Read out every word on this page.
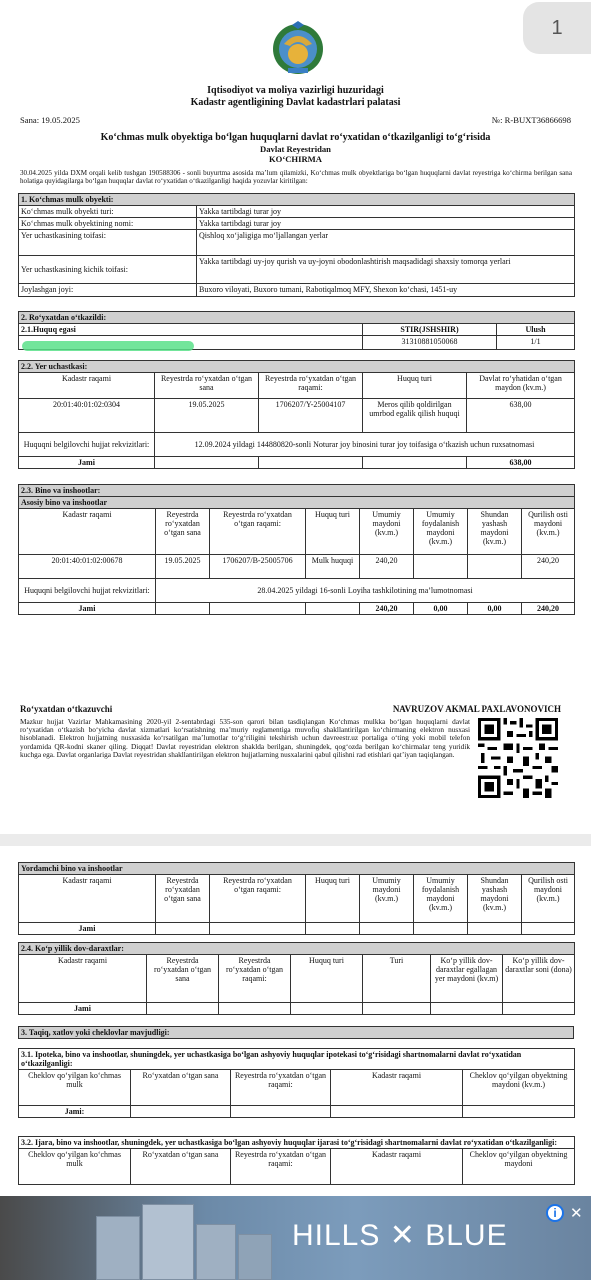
Iqtisodiyot va moliya vazirligi huzuridagi
Kadastr agentligining Davlat kadastrlari palatasi
Sana: 19.05.2025	№: R-BUXT36866698
Ko‘chmas mulk obyektiga bo‘lgan huquqlarni davlat ro‘yxatidan o‘tkazilganligi to‘g‘risida
Davlat Reyestridan
KO‘CHIRMA
30.04.2025 yilda DXM orqali kelib tushgan 190588306 - sonli buyurtma asosida ma’lum qilamizki, Ko‘chmas mulk obyektlariga bo‘lgan huquqlarni davlat reyestriga ko‘chirma berilgan sana holatiga quyidagilarga bo‘lgan huquqlar davlat ro‘yxatidan o‘tkazilganligi haqida yozuvlar kiritilgan:
1. Ko‘chmas mulk obyekti:	
Ko‘chmas mulk obyekti turi:	Yakka tartibdagi turar joy
Ko‘chmas mulk obyektining nomi:	Yakka tartibdagi turar joy
Yer uchastkasining toifasi:	Qishloq xo‘jaligiga mo‘ljallangan yerlar
Yer uchastkasining kichik toifasi:	Yakka tartibdagi uy-joy qurish va uy-joyni obodonlashtirish maqsadidagi shaxsiy tomorqa yerlari
Joylashgan joyi:	Buxoro viloyati, Buxoro tumani, Rabotiqalmoq MFY, Shexon ko‘chasi, 1451-uy
2. Ro‘yxatdan o‘tkazildi:		
2.1.Huquq egasi	STIR(JSHSHIR)	Ulush
	31310881050068	1/1
2.2. Yer uchastkasi:				
Kadastr raqami	Reyestrda ro‘yxatdan o‘tgan sana	Reyestrda ro‘yxatdan o‘tgan raqami:	Huquq turi	Davlat ro‘yhatidan o‘tgan maydon (kv.m.)
20:01:40:01:02:0304	19.05.2025	1706207/Y-25004107	Meros qilib qoldirilgan umrbod egalik qilish huquqi	638,00
Huquqni belgilovchi hujjat rekvizitlari:	12.09.2024 yildagi 144880820-sonli Noturar joy binosini turar joy toifasiga o‘tkazish uchun ruxsatnomasi			
Jami				638,00
2.3. Bino va inshootlar:							
Asosiy bino va inshootlar							
Kadastr raqami	Reyestrda ro‘yxatdan o‘tgan sana	Reyestrda ro‘yxatdan o‘tgan raqami:	Huquq turi	Umumiy maydoni (kv.m.)	Umumiy foydalanish maydoni (kv.m.)	Shundan yashash maydoni (kv.m.)	Qurilish osti maydoni (kv.m.)
20:01:40:01:02:00678	19.05.2025	1706207/B-25005706	Mulk huquqi	240,20			240,20
Huquqni belgilovchi hujjat rekvizitlari:	28.04.2025 yildagi 16-sonli Loyiha tashkilotining ma’lumotnomasi						
Jami				240,20	0,00	0,00	240,20
Ro‘yxatdan o‘tkazuvchi	NAVRUZOV AKMAL PAXLAVONOVICH
Mazkur hujjat Vazirlar Mahkamasining 2020-yil 2-sentabrdagi 535-son qarori bilan tasdiqlangan Ko‘chmas mulkka bo‘lgan huquqlarni davlat ro‘yxatidan o‘tkazish bo‘yicha davlat xizmatlari ko‘rsatishning ma’muriy reglamentiga muvofiq shakllantirilgan ko‘chirmaning elektron nusxasi hisoblanadi. Elektron hujjatning nusxasida ko‘rsatilgan ma’lumotlar to‘g‘riligini tekshirish uchun davreestr.uz portaliga o‘ting yoki mobil telefon yordamida QR-kodni skaner qiling. Diqqat! Davlat reyestridan elektron shaklda berilgan, shuningdek, qog‘ozda berilgan ko‘chirmalar teng yuridik kuchga ega. Davlat organlariga Davlat reyestridan shakllantirilgan elektron hujjatlarning nusxalarini qabul qilishni rad etishlari qat’iyan taqiqlangan.
1
Yordamchi bino va inshootlar							
Kadastr raqami	Reyestrda ro‘yxatdan o‘tgan sana	Reyestrda ro‘yxatdan o‘tgan raqami:	Huquq turi	Umumiy maydoni (kv.m.)	Umumiy foydalanish maydoni (kv.m.)	Shundan yashash maydoni (kv.m.)	Qurilish osti maydoni (kv.m.)
Jami							
2.4. Ko‘p yillik dov-daraxtlar:						
Kadastr raqami	Reyestrda ro‘yxatdan o‘tgan sana	Reyestrda ro‘yxatdan o‘tgan raqami:	Huquq turi	Turi	Ko‘p yillik dov-daraxtlar egallagan yer maydoni (kv.m)	Ko‘p yillik dov-daraxtlar soni (dona)
Jami						
3. Taqiq, xatlov yoki cheklovlar mavjudligi:
3.1. Ipoteka, bino va inshootlar, shuningdek, yer uchastkasiga bo‘lgan ashyoviy huquqlar ipotekasi to‘g‘risidagi shartnomalarni davlat ro‘yxatidan o‘tkazilganligi:				
Cheklov qo‘yilgan ko‘chmas mulk	Ro‘yxatdan o‘tgan sana	Reyestrda ro‘yxatdan o‘tgan raqami:	Kadastr raqami	Cheklov qo‘yilgan obyektning maydoni (kv.m.)
Jami:				
3.2. Ijara, bino va inshootlar, shuningdek, yer uchastkasiga bo‘lgan ashyoviy huquqlar ijarasi to‘g‘risidagi shartnomalarni davlat ro‘yxatidan o‘tkazilganligi:
Cheklov qo‘yilgan ko‘chmas mulk	Ro‘yxatdan o‘tgan sana	Reyestrda ro‘yxatdan o‘tgan raqami:	Kadastr raqami	Cheklov qo‘yilgan obyektning maydoni
HILLS ✕ BLUE
i ✕
